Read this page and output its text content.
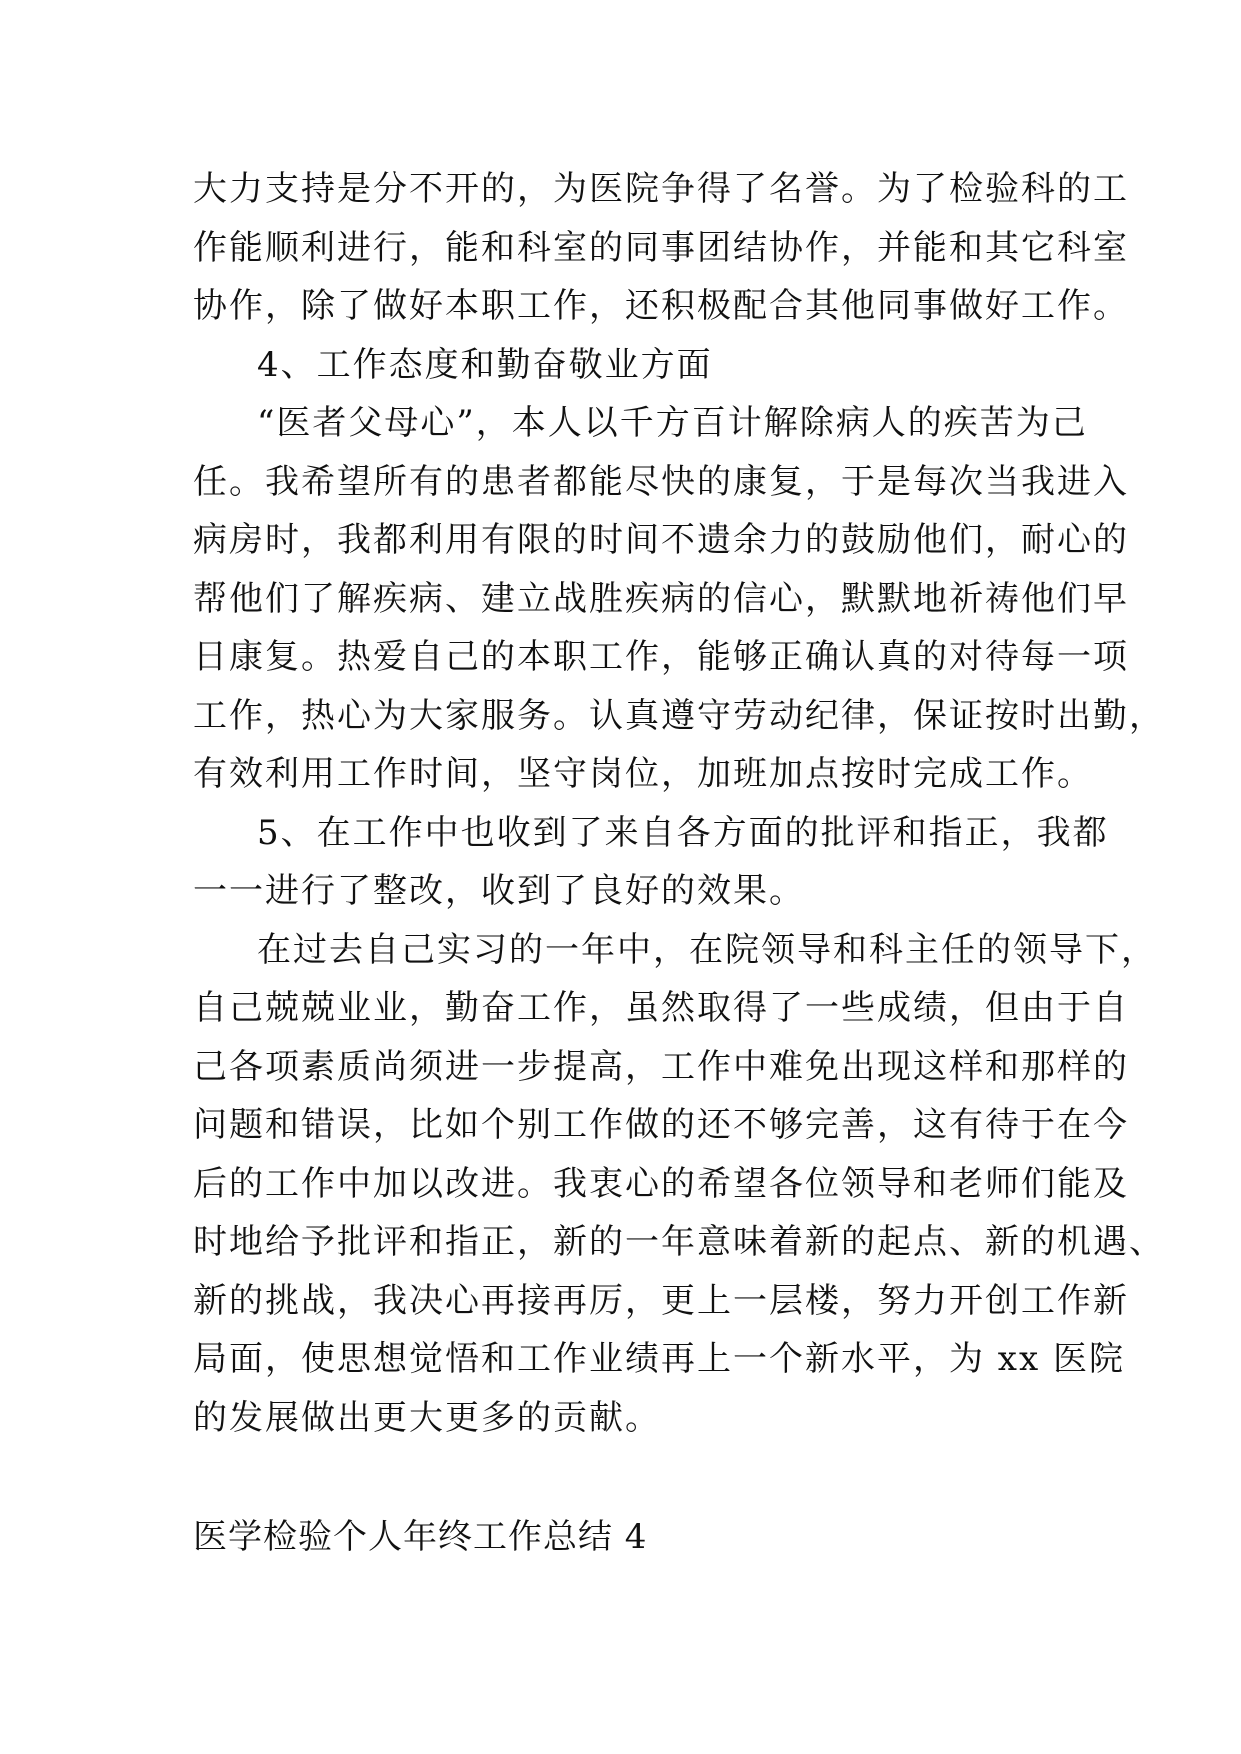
大力支持是分不开的，为医院争得了名誉。为了检验科的工
作能顺利进行，能和科室的同事团结协作，并能和其它科室
协作，除了做好本职工作，还积极配合其他同事做好工作。
4、工作态度和勤奋敬业方面
“医者父母心”，本人以千方百计解除病人的疾苦为己
任。我希望所有的患者都能尽快的康复，于是每次当我进入
病房时，我都利用有限的时间不遗余力的鼓励他们，耐心的
帮他们了解疾病、建立战胜疾病的信心，默默地祈祷他们早
日康复。热爱自己的本职工作，能够正确认真的对待每一项
工作，热心为大家服务。认真遵守劳动纪律，保证按时出勤，
有效利用工作时间，坚守岗位，加班加点按时完成工作。
5、在工作中也收到了来自各方面的批评和指正，我都
一一进行了整改，收到了良好的效果。
在过去自己实习的一年中，在院领导和科主任的领导下，
自己兢兢业业，勤奋工作，虽然取得了一些成绩，但由于自
己各项素质尚须进一步提高，工作中难免出现这样和那样的
问题和错误，比如个别工作做的还不够完善，这有待于在今
后的工作中加以改进。我衷心的希望各位领导和老师们能及
时地给予批评和指正，新的一年意味着新的起点、新的机遇、
新的挑战，我决心再接再厉，更上一层楼，努力开创工作新
局面，使思想觉悟和工作业绩再上一个新水平，为 xx 医院
的发展做出更大更多的贡献。
医学检验个人年终工作总结 4
